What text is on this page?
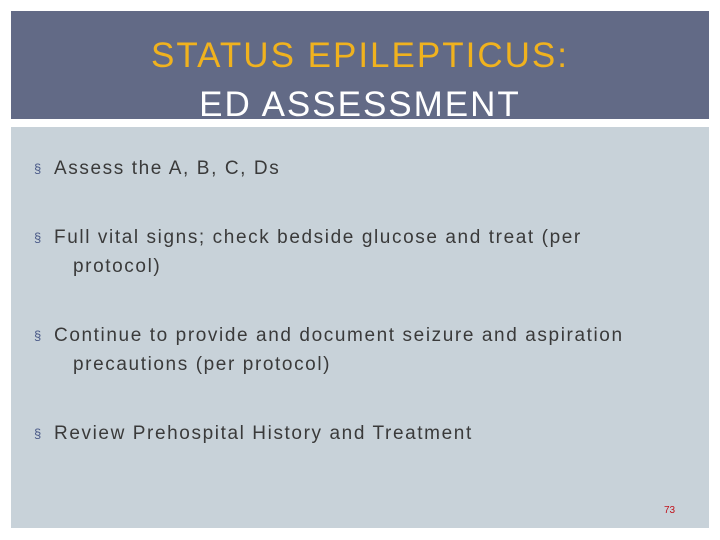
STATUS EPILEPTICUS:
ED ASSESSMENT
§ Assess the A, B, C, Ds
§ Full vital signs; check bedside glucose and treat (per protocol)
§ Continue to provide and document seizure and aspiration precautions (per protocol)
§ Review Prehospital History and Treatment
73
